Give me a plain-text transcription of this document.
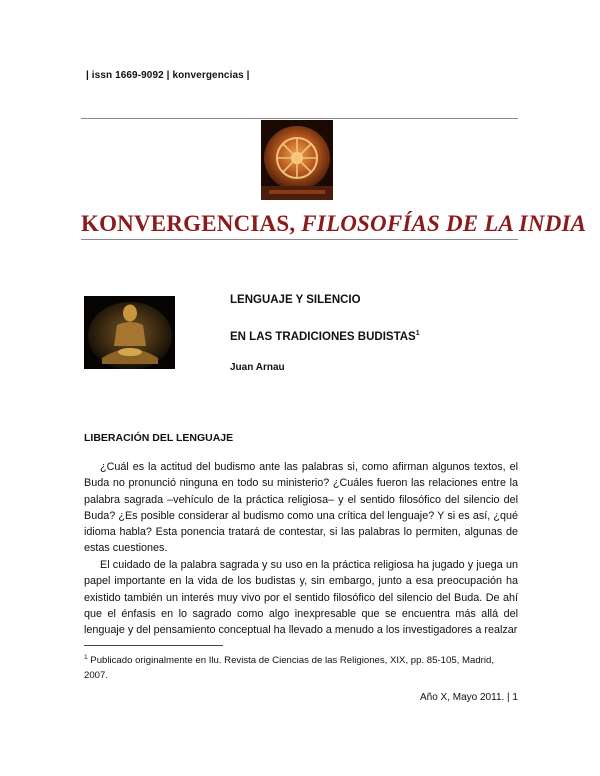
| issn 1669-9092 | konvergencias |
KONVERGENCIAS, FILOSOFÍAS DE LA INDIA
LENGUAJE Y SILENCIO
EN LAS TRADICIONES BUDISTAS$^1$
Juan Arnau
LIBERACIÓN DEL LENGUAJE

¿Cuál es la actitud del budismo ante las palabras si, como afirman algunos textos, el Buda no pronunció ninguna en todo su ministerio? ¿Cuáles fueron las relaciones entre la palabra sagrada –vehículo de la práctica religiosa– y el sentido filosófico del silencio del Buda? ¿Es posible considerar al budismo como una crítica del lenguaje? Y si es así, ¿qué idioma habla? Esta ponencia tratará de contestar, si las palabras lo permiten, algunas de estas cuestiones.

El cuidado de la palabra sagrada y su uso en la práctica religiosa ha jugado y juega un papel importante en la vida de los budistas y, sin embargo, junto a esa preocupación ha existido también un interés muy vivo por el sentido filosófico del silencio del Buda. De ahí que el énfasis en lo sagrado como algo inexpresable que se encuentra más allá del lenguaje y del pensamiento conceptual ha llevado a menudo a los investigadores a realzar

$^1$ Publicado originalmente en Ilu. Revista de Ciencias de las Religiones, XIX, pp. 85-105, Madrid, 2007.

Año X, Mayo 2011. | 1
